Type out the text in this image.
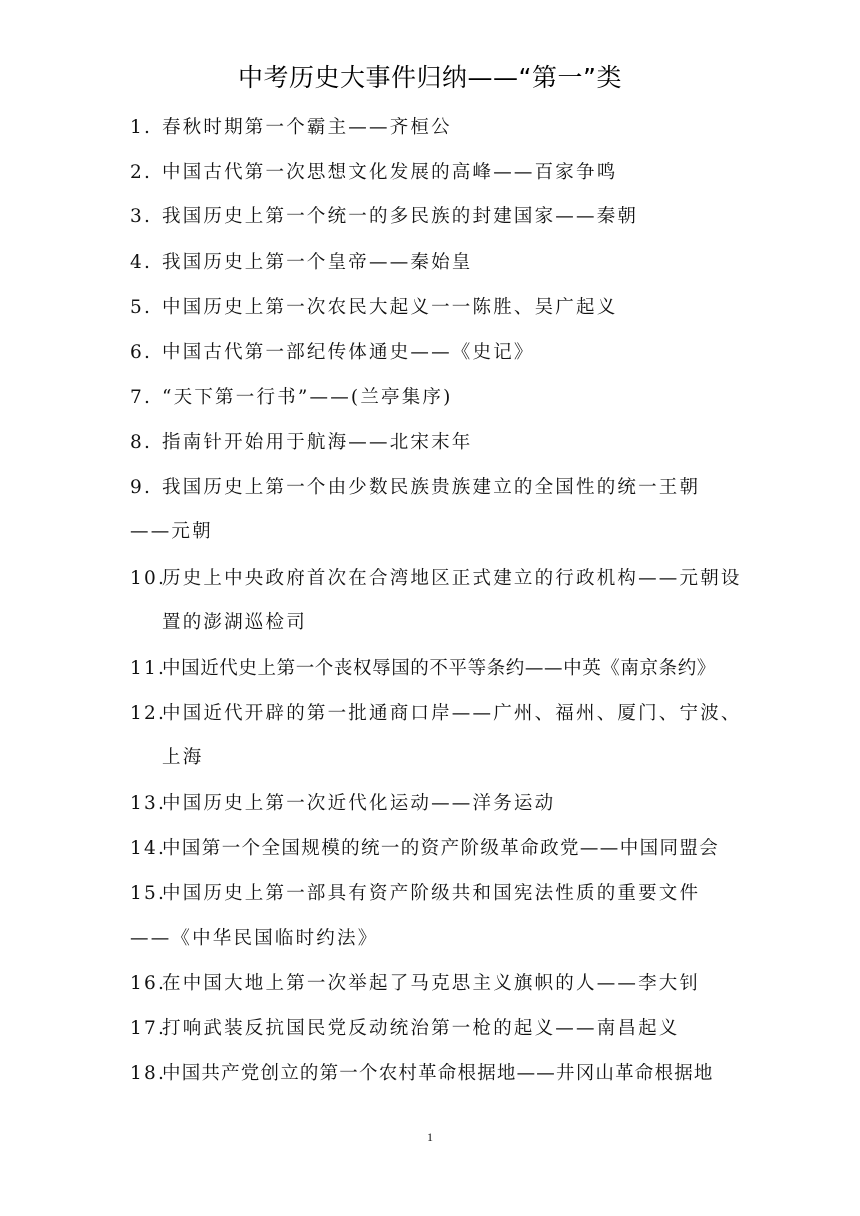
中考历史大事件归纳——“第一”类
1. 春秋时期第一个霸主——齐桓公
2. 中国古代第一次思想文化发展的高峰——百家争鸣
3. 我国历史上第一个统一的多民族的封建国家——秦朝
4. 我国历史上第一个皇帝——秦始皇
5. 中国历史上第一次农民大起义一一陈胜、吴广起义
6. 中国古代第一部纪传体通史——《史记》
7. “天下第一行书”——(兰亭集序)
8. 指南针开始用于航海——北宋末年
9. 我国历史上第一个由少数民族贵族建立的全国性的统一王朝
——元朝
10.
历史上中央政府首次在合湾地区正式建立的行政机构——元朝设
置的澎湖巡检司
11.
中国近代史上第一个丧权辱国的不平等条约——中英《南京条约》
12.
中国近代开辟的第一批通商口岸——广州、福州、厦门、宁波、
上海
13.
中国历史上第一次近代化运动——洋务运动
14.
中国第一个全国规模的统一的资产阶级革命政党——中国同盟会
15.
中国历史上第一部具有资产阶级共和国宪法性质的重要文件
——《中华民国临时约法》
16.
在中国大地上第一次举起了马克思主义旗帜的人——李大钊
17.
打响武装反抗国民党反动统治第一枪的起义——南昌起义
18.
中国共产党创立的第一个农村革命根据地——井冈山革命根据地
1
